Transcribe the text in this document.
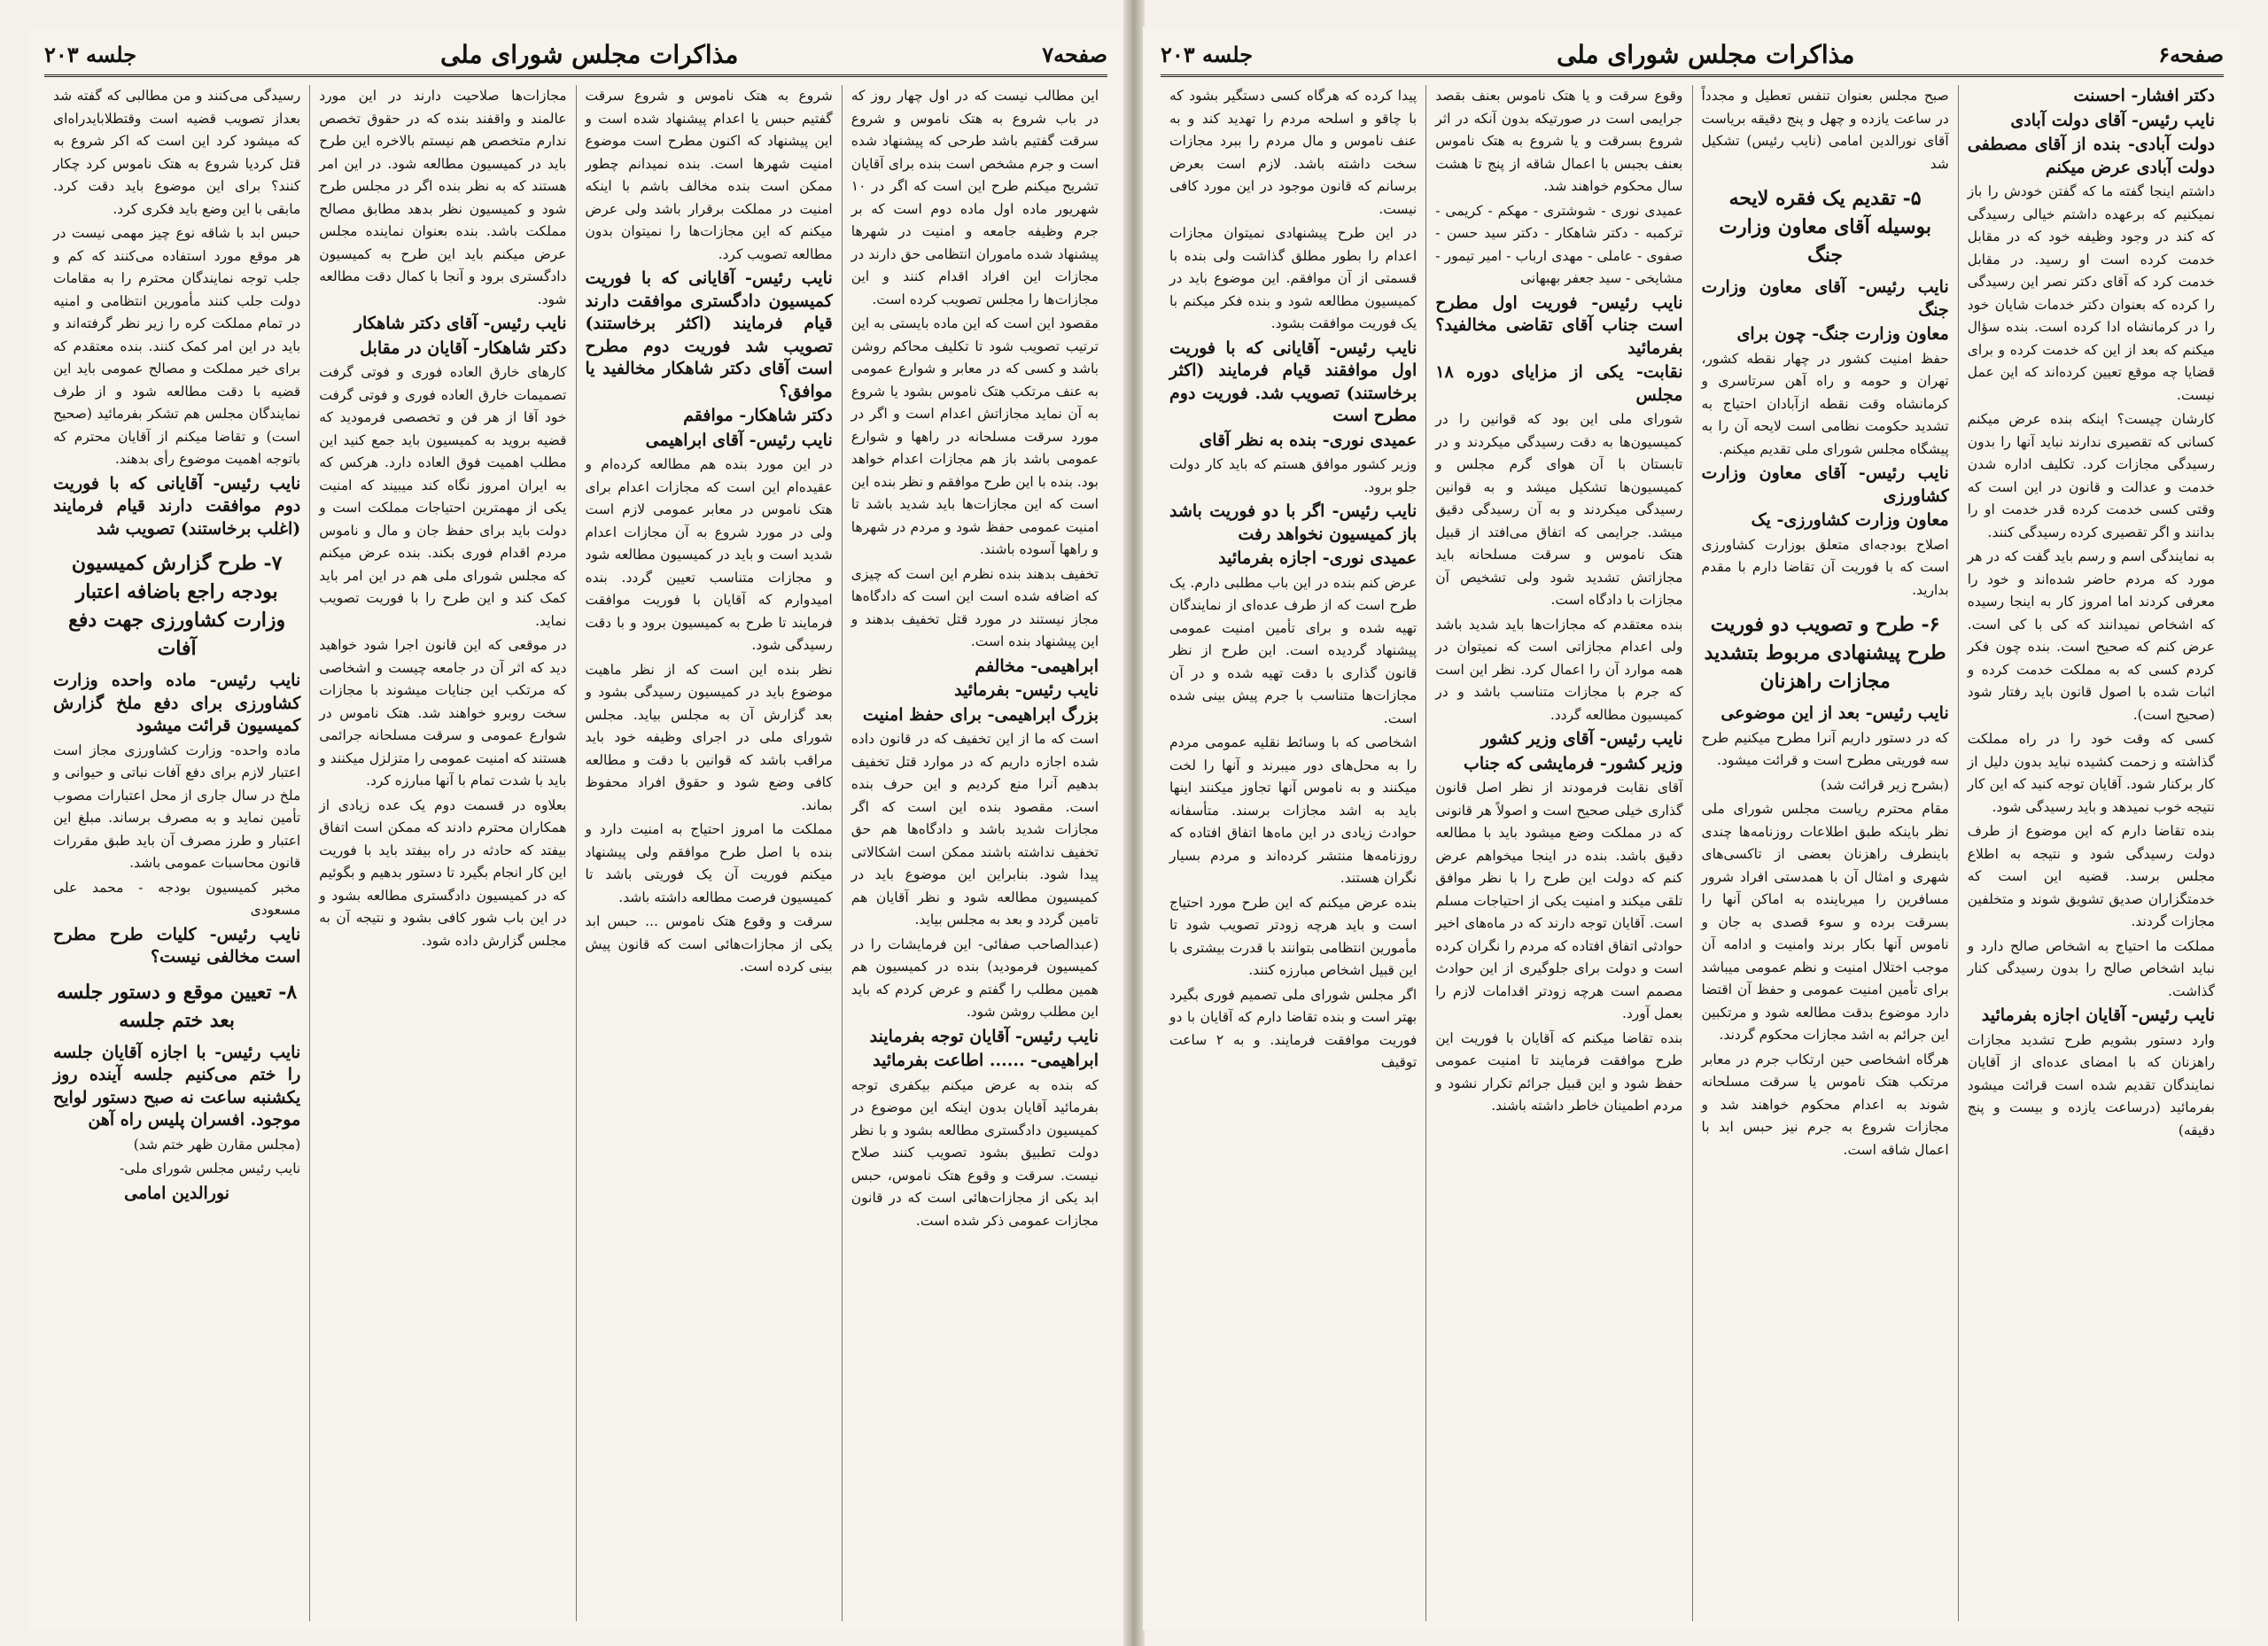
صفحه۷
مذاکرات مجلس شورای ملی
جلسه ۲۰۳

این مطالب نیست که در اول چهار روز که در باب شروع به هتک ناموس و شروع سرقت گفتیم باشد طرحی که پیشنهاد شده است و جرم مشخص است بنده برای آقایان تشریح میکنم طرح این است که اگر در ۱۰ شهریور ماده اول ماده دوم است که بر جرم وظیفه جامعه و امنیت در شهرها پیشنهاد شده ماموران انتظامی حق دارند در مجازات این افراد اقدام کنند و این مجازات‌ها را مجلس تصویب کرده است.

مقصود این است که این ماده بایستی به این ترتیب تصویب شود تا تکلیف محاکم روشن باشد و کسی که در معابر و شوارع عمومی به عنف مرتکب هتک ناموس بشود یا شروع به آن نماید مجازاتش اعدام است و اگر در مورد سرقت مسلحانه در راهها و شوارع عمومی باشد باز هم مجازات اعدام خواهد بود. بنده با این طرح موافقم و نظر بنده این است که این مجازات‌ها باید شدید باشد تا امنیت عمومی حفظ شود و مردم در شهرها و راهها آسوده باشند.

تخفیف بدهند بنده نظرم این است که چیزی که اضافه شده است این است که دادگاه‌ها مجاز نیستند در مورد قتل تخفیف بدهند و این پیشنهاد بنده است.

ابراهیمی- مخالفم

نایب رئیس- بفرمائید

بزرگ ابراهیمی- برای حفظ امنیت

است که ما از این تخفیف که در قانون داده شده اجازه داریم که در موارد قتل تخفیف بدهیم آنرا منع کردیم و این حرف بنده است. مقصود بنده این است که اگر مجازات شدید باشد و دادگاه‌ها هم حق تخفیف نداشته باشند ممکن است اشکالاتی پیدا شود. بنابراین این موضوع باید در کمیسیون مطالعه شود و نظر آقایان هم تامین گردد و بعد به مجلس بیاید.

(عبدالصاحب صفائی- این فرمایشات را در کمیسیون فرمودید) بنده در کمیسیون هم همین مطلب را گفتم و عرض کردم که باید این مطلب روشن شود.

نایب رئیس- آقایان توجه بفرمایند

ابراهیمی- ...... اطاعت بفرمائید

که بنده به عرض میکنم بیکفری توجه بفرمائید آقایان بدون اینکه این موضوع در کمیسیون دادگستری مطالعه بشود و با نظر دولت تطبیق بشود تصویب کنند صلاح نیست. سرقت و وقوع هتک ناموس، حبس ابد یکی از مجازات‌هائی است که در قانون مجازات عمومی ذکر شده است.

شروع به هتک ناموس و شروع سرقت گفتیم حبس یا اعدام پیشنهاد شده است و این پیشنهاد که اکنون مطرح است موضوع امنیت شهرها است. بنده نمیدانم چطور ممکن است بنده مخالف باشم با اینکه امنیت در مملکت برقرار باشد ولی عرض میکنم که این مجازات‌ها را نمیتوان بدون مطالعه تصویب کرد.

نایب رئیس- آقایانی که با فوریت کمیسیون دادگستری موافقت دارند قیام فرمایند (اکثر برخاستند) تصویب شد فوریت دوم مطرح است آقای دکتر شاهکار مخالفید یا موافق؟

دکتر شاهکار- موافقم

نایب رئیس- آقای ابراهیمی

در این مورد بنده هم مطالعه کرده‌ام و عقیده‌ام این است که مجازات اعدام برای هتک ناموس در معابر عمومی لازم است ولی در مورد شروع به آن مجازات اعدام شدید است و باید در کمیسیون مطالعه شود و مجازات متناسب تعیین گردد. بنده امیدوارم که آقایان با فوریت موافقت فرمایند تا طرح به کمیسیون برود و با دقت رسیدگی شود.

نظر بنده این است که از نظر ماهیت موضوع باید در کمیسیون رسیدگی بشود و بعد گزارش آن به مجلس بیاید. مجلس شورای ملی در اجرای وظیفه خود باید مراقب باشد که قوانین با دقت و مطالعه کافی وضع شود و حقوق افراد محفوظ بماند.

مملکت ما امروز احتیاج به امنیت دارد و بنده با اصل طرح موافقم ولی پیشنهاد میکنم فوریت آن یک فوریتی باشد تا کمیسیون فرصت مطالعه داشته باشد.

سرقت و وقوع هتک ناموس ... حبس ابد یکی از مجازات‌هائی است که قانون پیش بینی کرده است.

مجازات‌ها صلاحیت دارند در این مورد عالمند و واقفند بنده که در حقوق تخصص ندارم متخصص هم نیستم بالاخره این طرح باید در کمیسیون مطالعه شود. در این امر هستند که به نظر بنده اگر در مجلس طرح شود و کمیسیون نظر بدهد مطابق مصالح مملکت باشد. بنده بعنوان نماینده مجلس عرض میکنم باید این طرح به کمیسیون دادگستری برود و آنجا با کمال دقت مطالعه شود.

نایب رئیس- آقای دکتر شاهکار

دکتر شاهکار- آقایان در مقابل

کارهای خارق العاده فوری و فوتی گرفت تصمیمات خارق العاده فوری و فوتی گرفت خود آقا از هر فن و تخصصی فرمودید که قضیه بروید به کمیسیون باید جمع کنید این مطلب اهمیت فوق العاده دارد. هرکس که به ایران امروز نگاه کند میبیند که امنیت یکی از مهمترین احتیاجات مملکت است و دولت باید برای حفظ جان و مال و ناموس مردم اقدام فوری بکند. بنده عرض میکنم که مجلس شورای ملی هم در این امر باید کمک کند و این طرح را با فوریت تصویب نماید.

در موقعی که این قانون اجرا شود خواهید دید که اثر آن در جامعه چیست و اشخاصی که مرتکب این جنایات میشوند با مجازات سخت روبرو خواهند شد. هتک ناموس در شوارع عمومی و سرقت مسلحانه جرائمی هستند که امنیت عمومی را متزلزل میکنند و باید با شدت تمام با آنها مبارزه کرد.

بعلاوه در قسمت دوم یک عده زیادی از همکاران محترم دادند که ممکن است اتفاق بیفتد که حادثه در راه بیفتد باید با فوریت این کار انجام بگیرد تا دستور بدهیم و بگوئیم که در کمیسیون دادگستری مطالعه بشود و در این باب شور کافی بشود و نتیجه آن به مجلس گزارش داده شود.

رسیدگی می‌کنند و من مطالبی که گفته شد بعداز تصویب قضیه است وقتطلابایدراه‌ای که میشود کرد این است که اکر شروع به قتل کردیا شروع به هتک ناموس کرد چکار کنند؟ برای این موضوع باید دقت کرد. مابقی با این وضع باید فکری کرد.

حبس ابد با شاقه نوع چیز مهمی نیست در هر موقع مورد استفاده می‌کنند که کم و جلب توجه نمایندگان محترم را به مقامات دولت جلب کنند مأمورین انتظامی و امنیه در تمام مملکت کره را زیر نظر گرفته‌اند و باید در این امر کمک کنند. بنده معتقدم که برای خیر مملکت و مصالح عمومی باید این قضیه با دقت مطالعه شود و از طرف نمایندگان مجلس هم تشکر بفرمائید (صحیح است) و تقاضا میکنم از آقایان محترم که باتوجه اهمیت موضوع رأی بدهند.

نایب رئیس- آقایانی که با فوریت دوم موافقت دارند قیام فرمایند (اغلب برخاستند) تصویب شد

۷- طرح گزارش کمیسیون بودجه راجع باضافه اعتبار وزارت کشاورزی جهت دفع آفات

نایب رئیس- ماده واحده وزارت کشاورزی برای دفع ملخ گزارش کمیسیون قرائت میشود

ماده واحده- وزارت کشاورزی مجاز است اعتبار لازم برای دفع آفات نباتی و حیوانی و ملخ در سال جاری از محل اعتبارات مصوب تأمین نماید و به مصرف برساند. مبلغ این اعتبار و طرز مصرف آن باید طبق مقررات قانون محاسبات عمومی باشد.

مخبر کمیسیون بودجه - محمد علی مسعودی

نایب رئیس- کلیات طرح مطرح است مخالفی نیست؟

۸- تعیین موقع و دستور جلسه بعد ختم جلسه

نایب رئیس- با اجازه آقایان جلسه را ختم می‌کنیم جلسه آینده روز یکشنبه ساعت نه صبح دستور لوایح موجود. افسران پلیس راه آهن

(مجلس مقارن ظهر ختم شد)

نایب رئیس مجلس شورای ملی-

نورالدین امامی

صفحه۶
مذاکرات مجلس شورای ملی
جلسه ۲۰۳

دکتر افشار- احسنت

نایب رئیس- آقای دولت آبادی

دولت آبادی- بنده از آقای مصطفی دولت آبادی عرض میکنم

داشتم اینجا گفته ما که گفتن خودش را باز نمیکنیم که برعهده داشتم خیالی رسیدگی که کند در وجود وظیفه خود که در مقابل خدمت کرده است او رسید. در مقابل خدمت کرد که آقای دکتر نصر این رسیدگی را کرده که بعنوان دکتر خدمات شایان خود را در کرمانشاه ادا کرده است. بنده سؤال میکنم که بعد از این که خدمت کرده و برای قضایا چه موقع تعیین کرده‌اند که این عمل نیست.

کارشان چیست؟ اینکه بنده عرض میکنم کسانی که تقصیری ندارند نباید آنها را بدون رسیدگی مجازات کرد. تکلیف اداره شدن خدمت و عدالت و قانون در این است که وقتی کسی خدمت کرده قدر خدمت او را بدانند و اگر تقصیری کرده رسیدگی کنند.

به نمایندگی اسم و رسم باید گفت که در هر مورد که مردم حاضر شده‌اند و خود را معرفی کردند اما امروز کار به اینجا رسیده که اشخاص نمیدانند که کی با کی است. عرض کنم که صحیح است. بنده چون فکر کردم کسی که به مملکت خدمت کرده و اثبات شده با اصول قانون باید رفتار شود (صحیح است).

کسی که وقت خود را در راه مملکت گذاشته و زحمت کشیده نباید بدون دلیل از کار برکنار شود. آقایان توجه کنید که این کار نتیجه خوب نمیدهد و باید رسیدگی شود.

بنده تقاضا دارم که این موضوع از طرف دولت رسیدگی شود و نتیجه به اطلاع مجلس برسد. قضیه این است که خدمتگزاران صدیق تشویق شوند و متخلفین مجازات گردند.

مملکت ما احتیاج به اشخاص صالح دارد و نباید اشخاص صالح را بدون رسیدگی کنار گذاشت.

نایب رئیس- آقایان اجازه بفرمائید

وارد دستور بشویم طرح تشدید مجازات راهزنان که با امضای عده‌ای از آقایان نمایندگان تقدیم شده است قرائت میشود بفرمائید (درساعت یازده و بیست و پنج دقیقه)

صبح مجلس بعنوان تنفس تعطیل و مجدداً در ساعت یازده و چهل و پنج دقیقه بریاست آقای نورالدین امامی (نایب رئیس) تشکیل شد

۵- تقدیم یک فقره لایحه بوسیله آقای معاون وزارت جنگ

نایب رئیس- آقای معاون وزارت جنگ

معاون وزارت جنگ- چون برای

حفظ امنیت کشور در چهار نقطه کشور، تهران و حومه و راه آهن سرتاسری و کرمانشاه وقت نقطه ازآبادان احتیاج به تشدید حکومت نظامی است لایحه آن را به پیشگاه مجلس شورای ملی تقدیم میکنم.

نایب رئیس- آقای معاون وزارت کشاورزی

معاون وزارت کشاورزی- یک

اصلاح بودجه‌ای متعلق بوزارت کشاورزی است که با فوریت آن تقاضا دارم با مقدم بدارید.

۶- طرح و تصویب دو فوریت طرح پیشنهادی مربوط بتشدید مجازات راهزنان

نایب رئیس- بعد از این موضوعی

که در دستور داریم آنرا مطرح میکنیم طرح سه فوریتی مطرح است و قرائت میشود.

(بشرح زیر قرائت شد)

مقام محترم ریاست مجلس شورای ملی نظر باینکه طبق اطلاعات روزنامه‌ها چندی باینطرف راهزنان بعضی از تاکسی‌های شهری و امثال آن با همدستی افراد شرور مسافرین را میرباینده به اماکن آنها را بسرقت برده و سوء قصدی به جان و ناموس آنها بکار برند وامنیت و ادامه آن موجب اختلال امنیت و نظم عمومی میباشد برای تأمین امنیت عمومی و حفظ آن اقتضا دارد موضوع بدقت مطالعه شود و مرتکبین این جرائم به اشد مجازات محکوم گردند.

هرگاه اشخاصی حین ارتکاب جرم در معابر مرتکب هتک ناموس یا سرقت مسلحانه شوند به اعدام محکوم خواهند شد و مجازات شروع به جرم نیز حبس ابد با اعمال شاقه است.

وقوع سرقت و یا هتک ناموس بعنف بقصد جرایمی است در صورتیکه بدون آنکه در اثر شروع بسرقت و یا شروع به هتک ناموس بعنف بجبس با اعمال شاقه از پنج تا هشت سال محکوم خواهند شد.

عمیدی نوری - شوشتری - مهکم - کریمی - ترکمبه - دکتر شاهکار - دکتر سید حسن - صفوی - عاملی - مهدی ارباب - امیر تیمور - مشایخی - سید جعفر بهبهانی

نایب رئیس- فوریت اول مطرح است جناب آقای تقاضی مخالفید؟ بفرمائید

نقابت- یکی از مزایای دوره ۱۸ مجلس

شورای ملی این بود که قوانین را در کمیسیون‌ها به دقت رسیدگی میکردند و در تابستان با آن هوای گرم مجلس و کمیسیون‌ها تشکیل میشد و به قوانین رسیدگی میکردند و به آن رسیدگی دقیق میشد. جرایمی که اتفاق می‌افتد از قبیل هتک ناموس و سرقت مسلحانه باید مجازاتش تشدید شود ولی تشخیص آن مجازات با دادگاه است.

بنده معتقدم که مجازات‌ها باید شدید باشد ولی اعدام مجازاتی است که نمیتوان در همه موارد آن را اعمال کرد. نظر این است که جرم با مجازات متناسب باشد و در کمیسیون مطالعه گردد.

نایب رئیس- آقای وزیر کشور

وزیر کشور- فرمایشی که جناب

آقای نقابت فرمودند از نظر اصل قانون گذاری خیلی صحیح است و اصولاً هر قانونی که در مملکت وضع میشود باید با مطالعه دقیق باشد. بنده در اینجا میخواهم عرض کنم که دولت این طرح را با نظر موافق تلقی میکند و امنیت یکی از احتیاجات مسلم است. آقایان توجه دارند که در ماه‌های اخیر حوادثی اتفاق افتاده که مردم را نگران کرده است و دولت برای جلوگیری از این حوادث مصمم است هرچه زودتر اقدامات لازم را بعمل آورد.

بنده تقاضا میکنم که آقایان با فوریت این طرح موافقت فرمایند تا امنیت عمومی حفظ شود و این قبیل جرائم تکرار نشود و مردم اطمینان خاطر داشته باشند.

پیدا کرده که هرگاه کسی دستگیر بشود که با چاقو و اسلحه مردم را تهدید کند و به عنف ناموس و مال مردم را ببرد مجازات سخت داشته باشد. لازم است بعرض برسانم که قانون موجود در این مورد کافی نیست.

در این طرح پیشنهادی نمیتوان مجازات اعدام را بطور مطلق گذاشت ولی بنده با قسمتی از آن موافقم. این موضوع باید در کمیسیون مطالعه شود و بنده فکر میکنم با یک فوریت موافقت بشود.

نایب رئیس- آقایانی که با فوریت اول موافقند قیام فرمایند (اکثر برخاستند) تصویب شد. فوریت دوم مطرح است

عمیدی نوری- بنده به نظر آقای

وزیر کشور موافق هستم که باید کار دولت جلو برود.

نایب رئیس- اگر با دو فوریت باشد باز کمیسیون نخواهد رفت

عمیدی نوری- اجازه بفرمائید

عرض کنم بنده در این باب مطلبی دارم. یک طرح است که از طرف عده‌ای از نمایندگان تهیه شده و برای تأمین امنیت عمومی پیشنهاد گردیده است. این طرح از نظر قانون گذاری با دقت تهیه شده و در آن مجازات‌ها متناسب با جرم پیش بینی شده است.

اشخاصی که با وسائط نقلیه عمومی مردم را به محل‌های دور میبرند و آنها را لخت میکنند و به ناموس آنها تجاوز میکنند اینها باید به اشد مجازات برسند. متأسفانه حوادث زیادی در این ماه‌ها اتفاق افتاده که روزنامه‌ها منتشر کرده‌اند و مردم بسیار نگران هستند.

بنده عرض میکنم که این طرح مورد احتیاج است و باید هرچه زودتر تصویب شود تا مأمورین انتظامی بتوانند با قدرت بیشتری با این قبیل اشخاص مبارزه کنند.

اگر مجلس شورای ملی تصمیم فوری بگیرد بهتر است و بنده تقاضا دارم که آقایان با دو فوریت موافقت فرمایند. و به ۲ ساعت توقیف
